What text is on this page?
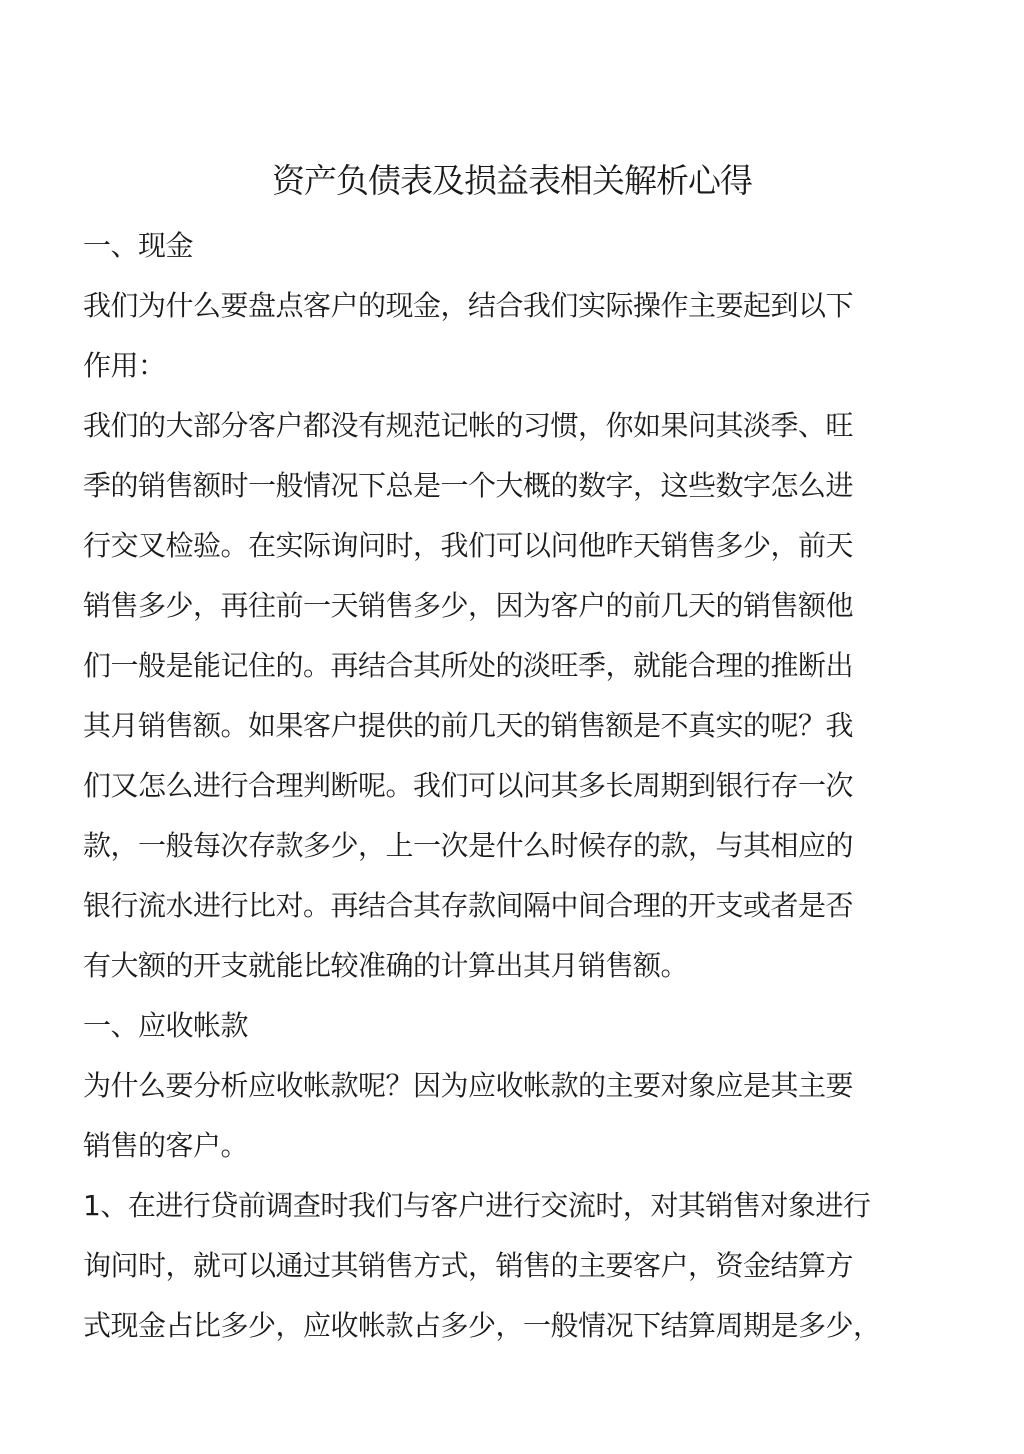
资产负债表及损益表相关解析心得
一、现金
我们为什么要盘点客户的现金，结合我们实际操作主要起到以下
作用：
我们的大部分客户都没有规范记帐的习惯，你如果问其淡季、旺
季的销售额时一般情况下总是一个大概的数字，这些数字怎么进
行交叉检验。在实际询问时，我们可以问他昨天销售多少，前天
销售多少，再往前一天销售多少，因为客户的前几天的销售额他
们一般是能记住的。再结合其所处的淡旺季，就能合理的推断出
其月销售额。如果客户提供的前几天的销售额是不真实的呢？我
们又怎么进行合理判断呢。我们可以问其多长周期到银行存一次
款，一般每次存款多少，上一次是什么时候存的款，与其相应的
银行流水进行比对。再结合其存款间隔中间合理的开支或者是否
有大额的开支就能比较准确的计算出其月销售额。
一、应收帐款
为什么要分析应收帐款呢？因为应收帐款的主要对象应是其主要
销售的客户。
1、在进行贷前调查时我们与客户进行交流时，对其销售对象进行
询问时，就可以通过其销售方式，销售的主要客户，资金结算方
式现金占比多少，应收帐款占多少，一般情况下结算周期是多少，
